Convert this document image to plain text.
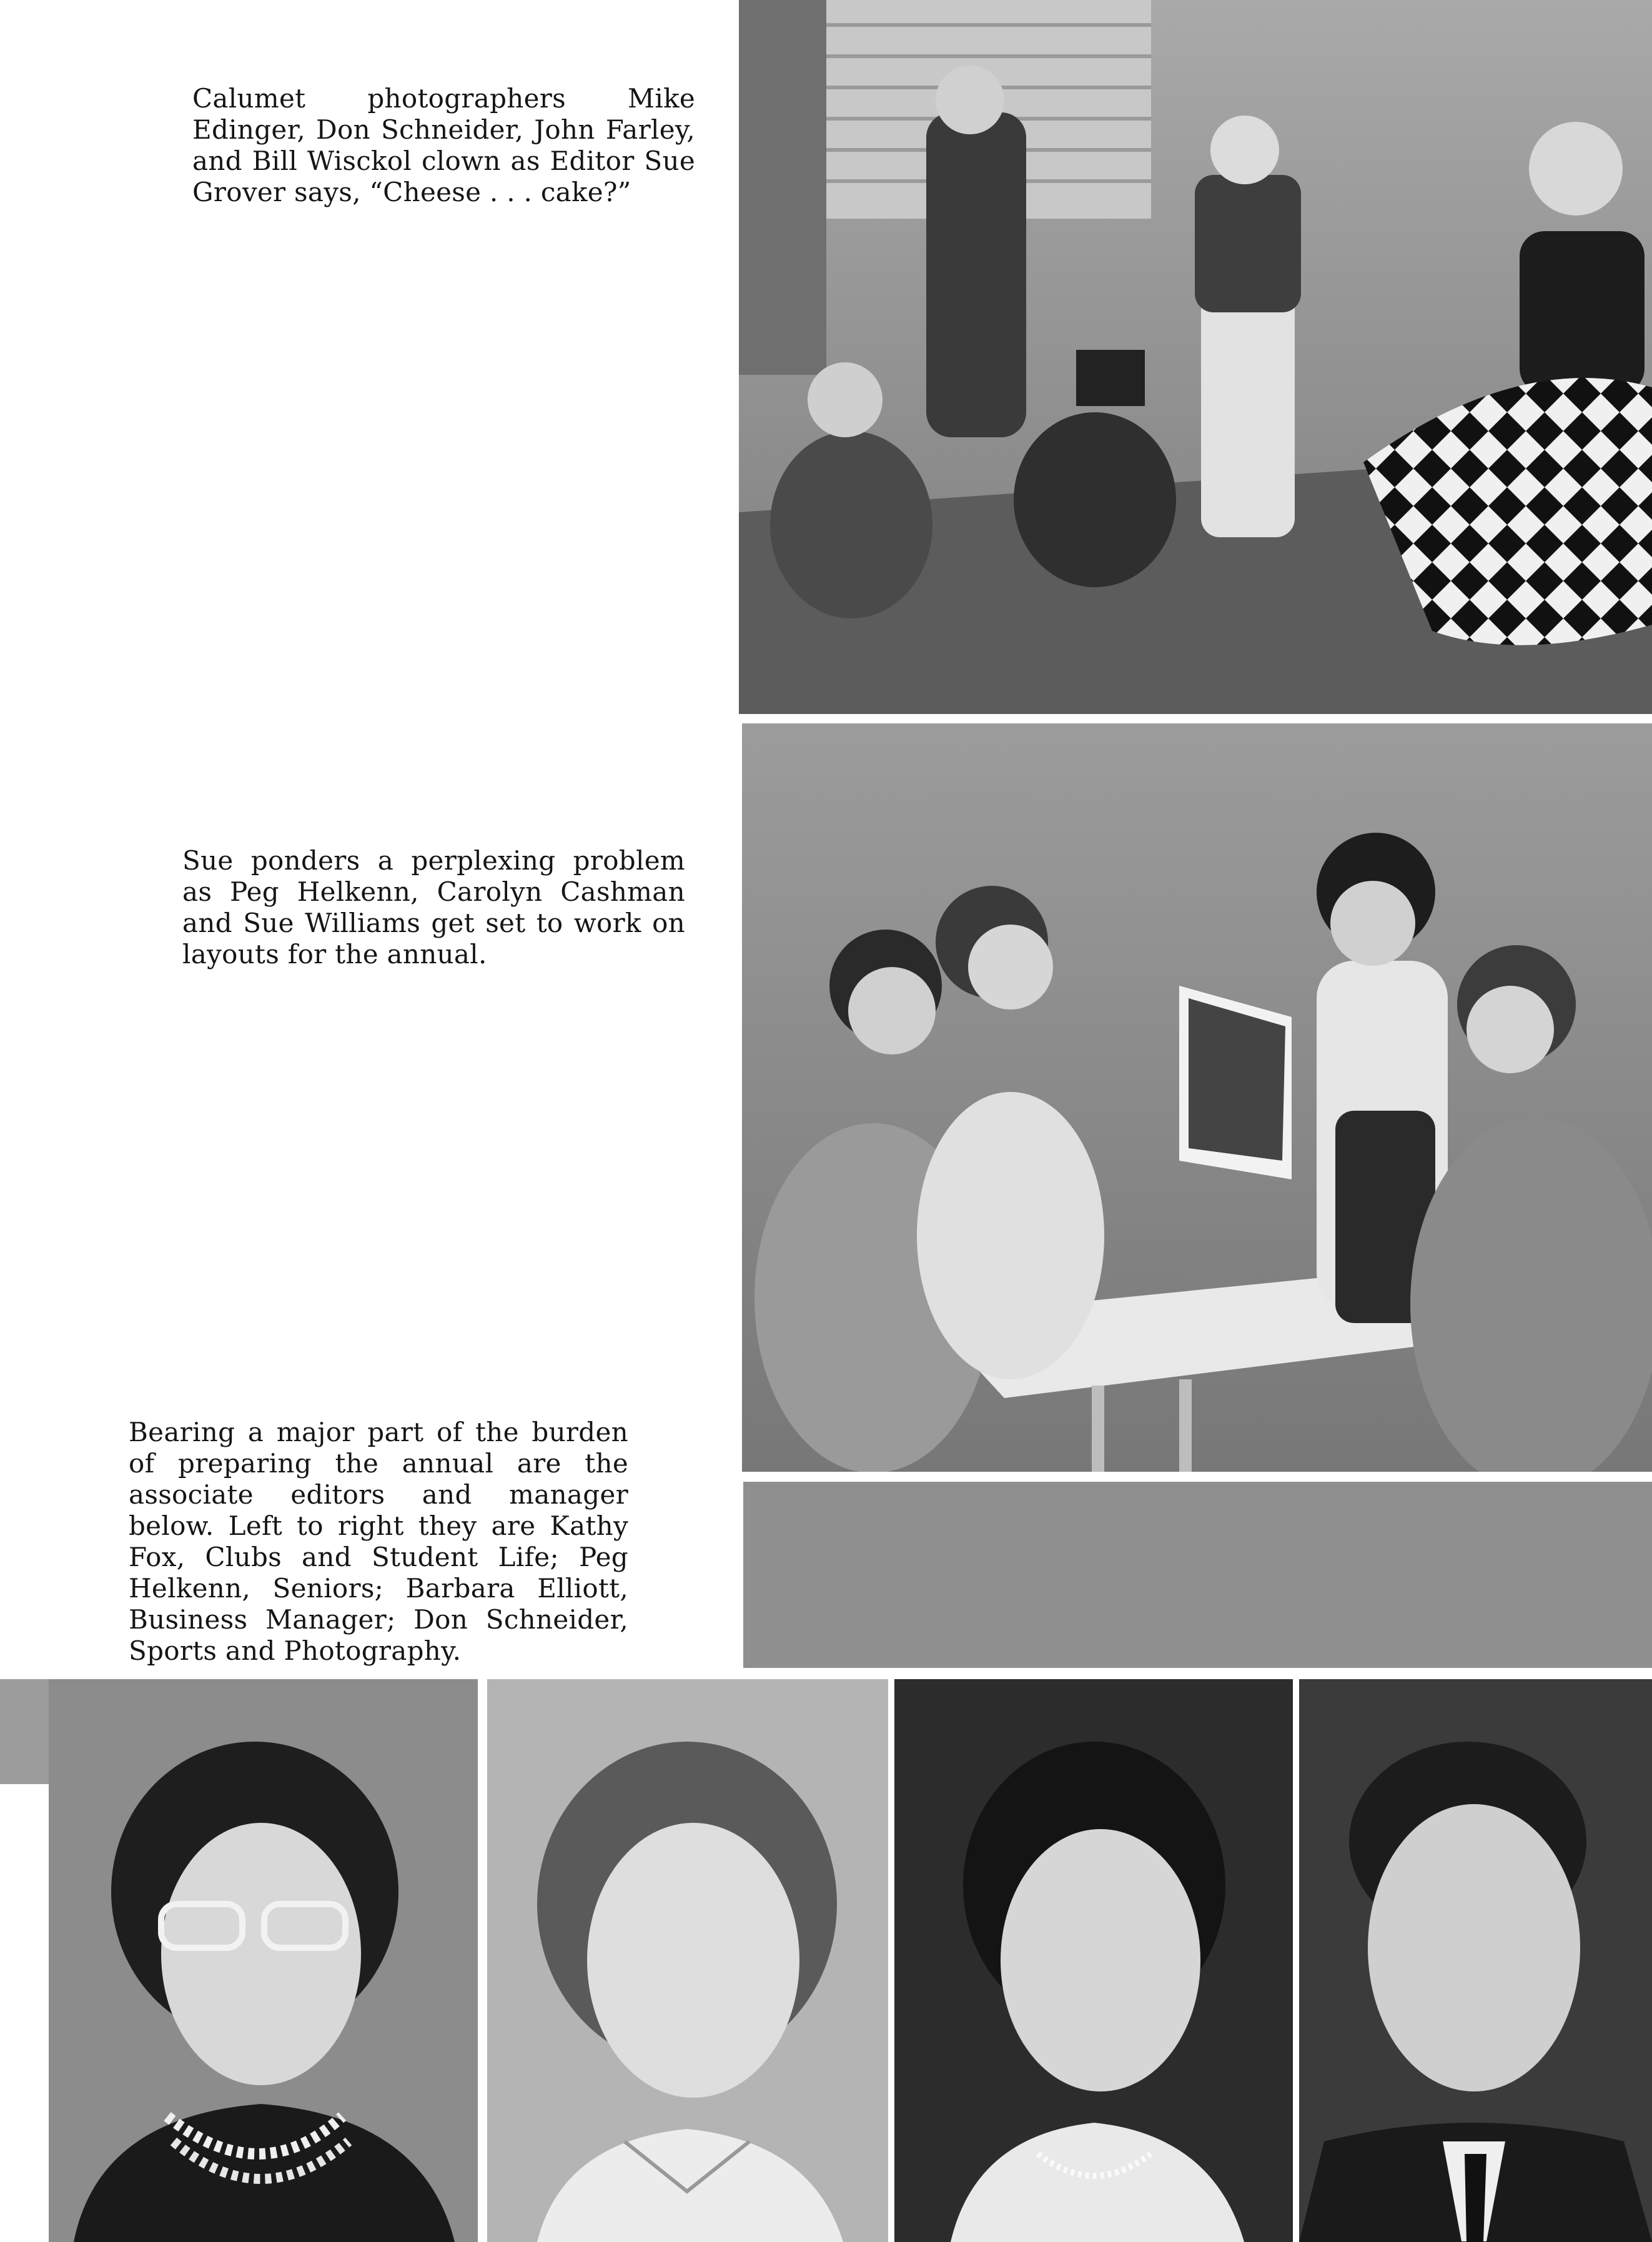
Calumet photographers Mike Edinger, Don Schneider, John Farley, and Bill Wisckol clown as Editor Sue Grover says, “Cheese . . . cake?”

Sue ponders a perplexing problem as Peg Helkenn, Carolyn Cashman and Sue Williams get set to work on layouts for the annual.

Bearing a major part of the burden of preparing the annual are the associate editors and manager below. Left to right they are Kathy Fox, Clubs and Student Life; Peg Helkenn, Seniors; Barbara Elliott, Business Manager; Don Schneider, Sports and Photography.
